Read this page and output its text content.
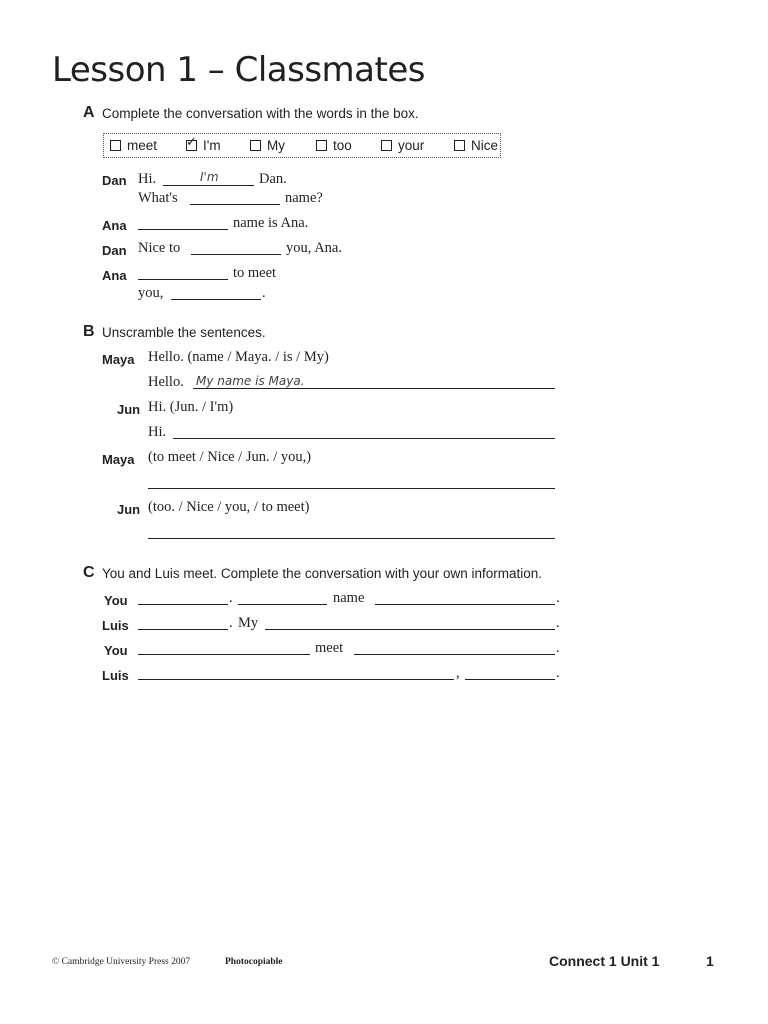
Lesson 1 – Classmates
A Complete the conversation with the words in the box.
meet
✓	I'm	My	too	your	Nice
Dan Hi.	I'm	Dan.
What's	name?
Ana	name is Ana.
Dan Nice to	you, Ana.
Ana	to meet
you,	.
B Unscramble the sentences.
Maya Hello. (name / Maya. / is / My)
Hello. My name is Maya.
Jun Hi. (Jun. / I'm)
Hi.
Maya (to meet / Nice / Jun. / you,)
Jun (too. / Nice / you, / to meet)
C You and Luis meet. Complete the conversation with your own information.
You	.	name	.
Luis	. My	.
You	meet	.
Luis	,	.
© Cambridge University Press 2007	Photocopiable	Connect 1 Unit 1	1
